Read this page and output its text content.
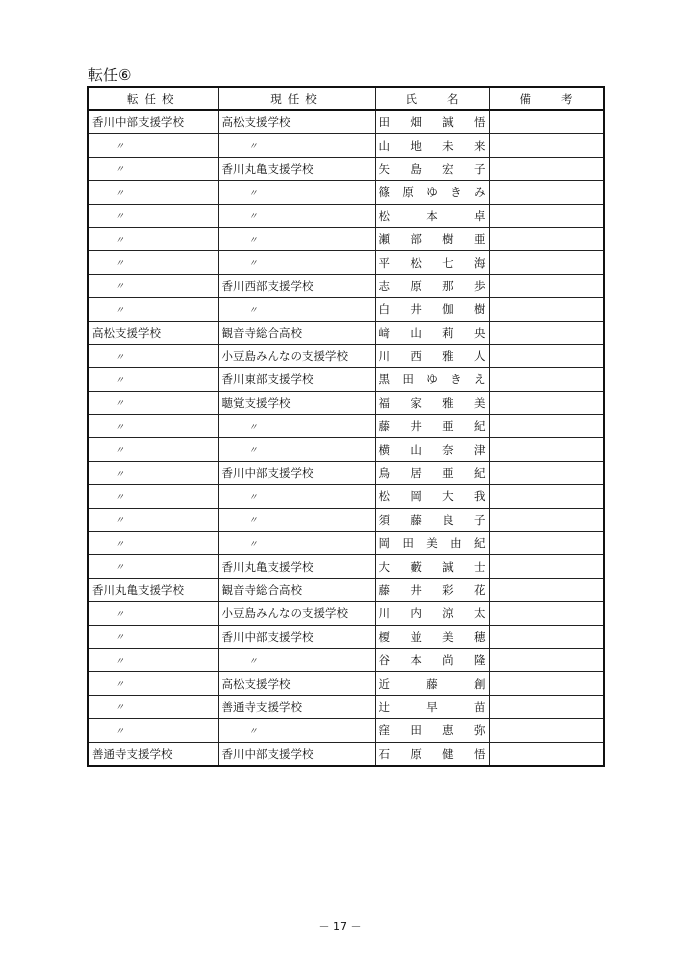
転任⑥
転任校	現任校	氏名	備考
香川中部支援学校	高松支援学校	田 畑 誠 悟	

〃	〃	山 地 未 来	

〃	香川丸亀支援学校	矢 島 宏 子	

〃	〃	篠 原 ゆ き み	

〃	〃	松 本 卓	

〃	〃	瀬 部 樹 亜	

〃	〃	平 松 七 海	

〃	香川西部支援学校	志 原 那 歩	

〃	〃	白 井 伽 樹	

高松支援学校	観音寺総合高校	﨑 山 莉 央	

〃	小豆島みんなの支援学校	川 西 雅 人	

〃	香川東部支援学校	黒 田 ゆ き え	

〃	聴覚支援学校	福 家 雅 美	

〃	〃	藤 井 亜 紀	

〃	〃	横 山 奈 津	

〃	香川中部支援学校	鳥 居 亜 紀	

〃	〃	松 岡 大 我	

〃	〃	須 藤 良 子	

〃	〃	岡 田 美 由 紀	

〃	香川丸亀支援学校	大 藪 誠 士	

香川丸亀支援学校	観音寺総合高校	藤 井 彩 花	

〃	小豆島みんなの支援学校	川 内 涼 太	

〃	香川中部支援学校	榎 並 美 穂	

〃	〃	谷 本 尚 隆	

〃	高松支援学校	近 藤 創	

〃	善通寺支援学校	辻 早 苗	

〃	〃	窪 田 恵 弥	

善通寺支援学校	香川中部支援学校	石 原 健 悟	

－ 17 －
